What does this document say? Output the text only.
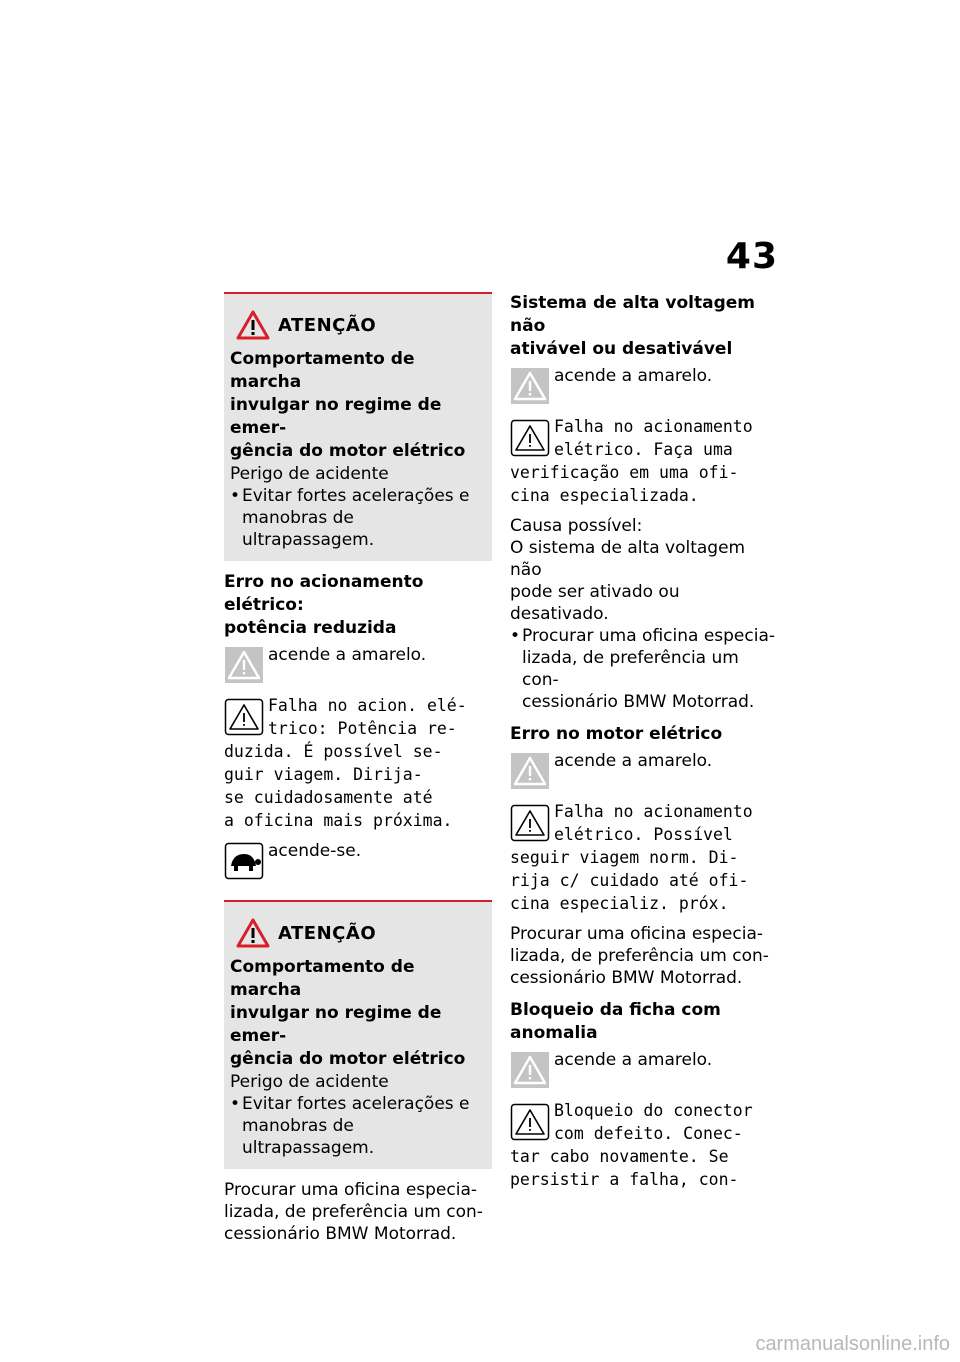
43
ATENÇÃO
Comportamento de marcha
invulgar no regime de emer-
gência do motor elétrico
Perigo de acidente
• Evitar fortes acelerações e
manobras de ultrapassagem.
Erro no acionamento elétrico:
potência reduzida
acende a amarelo.
Falha no acion. elé-
trico: Potência re-
duzida. É possível se-
guir viagem. Dirija-
se cuidadosamente até
a oficina mais próxima.
acende-se.
ATENÇÃO
Comportamento de marcha
invulgar no regime de emer-
gência do motor elétrico
Perigo de acidente
• Evitar fortes acelerações e
manobras de ultrapassagem.
Procurar uma oficina especia-
lizada, de preferência um con-
cessionário BMW Motorrad.
Sistema de alta voltagem não
ativável ou desativável
acende a amarelo.
Falha no acionamento
elétrico. Faça uma
verificação em uma ofi-
cina especializada.
Causa possível:
O sistema de alta voltagem não
pode ser ativado ou desativado.
• Procurar uma oficina especia-
lizada, de preferência um con-
cessionário BMW Motorrad.
Erro no motor elétrico
acende a amarelo.
Falha no acionamento
elétrico. Possível
seguir viagem norm. Di-
rija c/ cuidado até ofi-
cina especializ. próx.
Procurar uma oficina especia-
lizada, de preferência um con-
cessionário BMW Motorrad.
Bloqueio da ficha com
anomalia
acende a amarelo.
Bloqueio do conector
com defeito. Conec-
tar cabo novamente. Se
persistir a falha, con-
carmanualsonline.info
